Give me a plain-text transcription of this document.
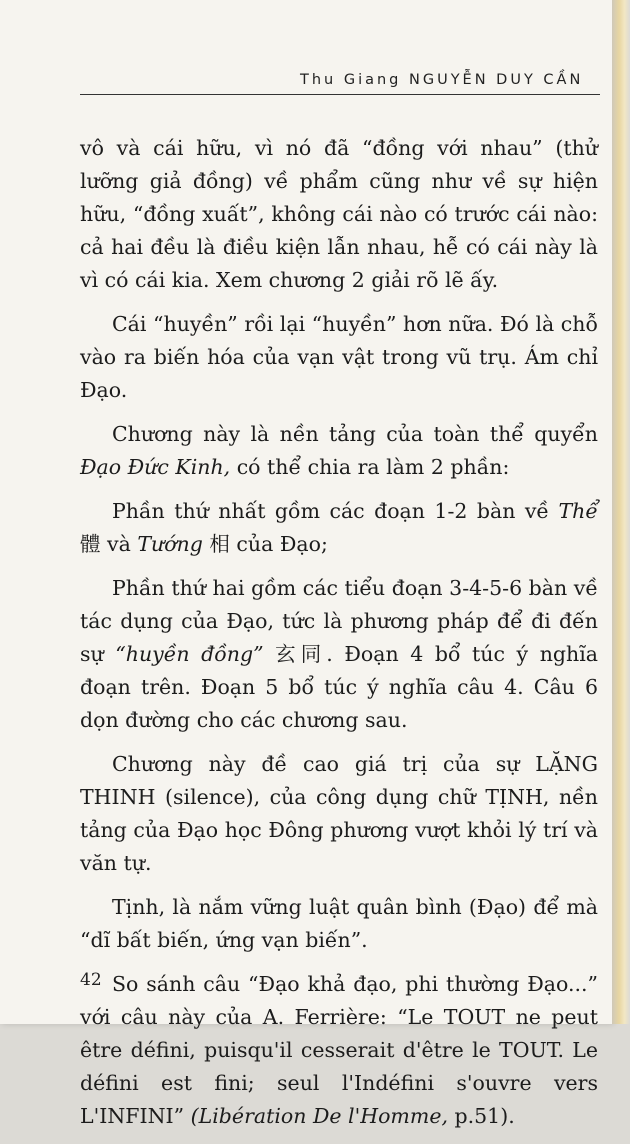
Thu Giang NGUYỄN DUY CẦN

vô và cái hữu, vì nó đã “đồng với nhau” (thử lưỡng giả đồng) về phẩm cũng như về sự hiện hữu, “đồng xuất”, không cái nào có trước cái nào: cả hai đều là điều kiện lẫn nhau, hễ có cái này là vì có cái kia. Xem chương 2 giải rõ lẽ ấy.

Cái “huyền” rồi lại “huyền” hơn nữa. Đó là chỗ vào ra biến hóa của vạn vật trong vũ trụ. Ám chỉ Đạo.

Chương này là nền tảng của toàn thể quyển Đạo Đức Kinh, có thể chia ra làm 2 phần:

Phần thứ nhất gồm các đoạn 1-2 bàn về Thể 體 và Tướng 相 của Đạo;

Phần thứ hai gồm các tiểu đoạn 3-4-5-6 bàn về tác dụng của Đạo, tức là phương pháp để đi đến sự “huyền đồng” 玄同. Đoạn 4 bổ túc ý nghĩa đoạn trên. Đoạn 5 bổ túc ý nghĩa câu 4. Câu 6 dọn đường cho các chương sau.

Chương này đề cao giá trị của sự LẶNG THINH (silence), của công dụng chữ TỊNH, nền tảng của Đạo học Đông phương vượt khỏi lý trí và văn tự.

Tịnh, là nắm vững luật quân bình (Đạo) để mà “dĩ bất biến, ứng vạn biến”.

So sánh câu “Đạo khả đạo, phi thường Đạo...” với câu này của A. Ferrière: “Le TOUT ne peut être défini, puisqu'il cesserait d'être le TOUT. Le défini est fini; seul l'Indéfini s'ouvre vers L'INFINI” (Libération De l'Homme, p.51).

42
